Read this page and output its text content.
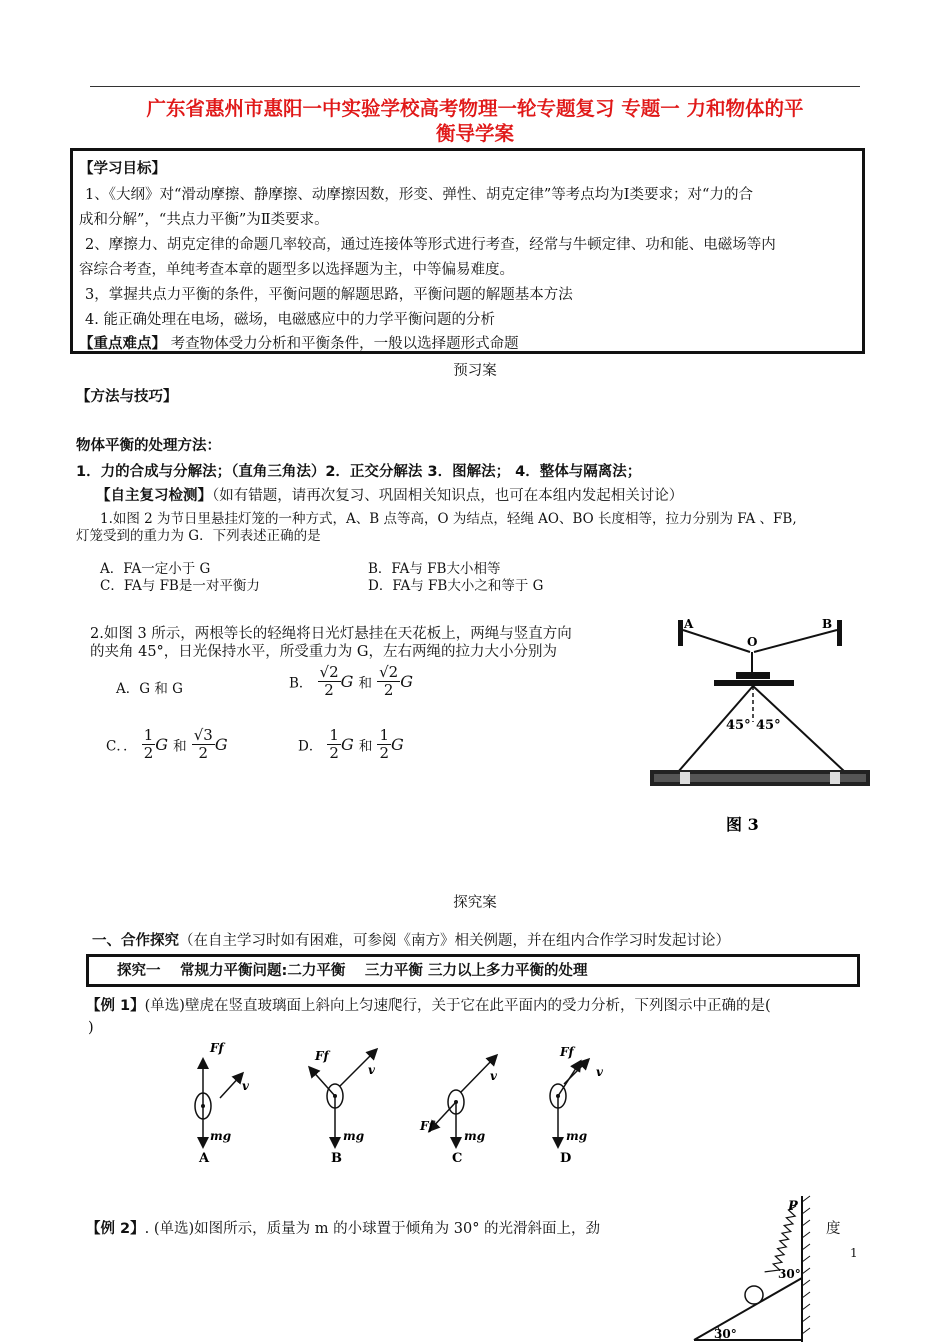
广东省惠州市惠阳一中实验学校高考物理一轮专题复习 专题一 力和物体的平
衡导学案
【学习目标】
1、《大纲》对“滑动摩擦、静摩擦、动摩擦因数，形变、弹性、胡克定律”等考点均为Ⅰ类要求；对“力的合
成和分解”，“共点力平衡”为Ⅱ类要求。
2、摩擦力、胡克定律的命题几率较高，通过连接体等形式进行考查，经常与牛顿定律、功和能、电磁场等内
容综合考查，单纯考查本章的题型多以选择题为主，中等偏易难度。
3，掌握共点力平衡的条件，平衡问题的解题思路，平衡问题的解题基本方法
4. 能正确处理在电场，磁场，电磁感应中的力学平衡问题的分析
【重点难点】 考查物体受力分析和平衡条件，一般以选择题形式命题
预习案
【方法与技巧】
物体平衡的处理方法：
1．力的合成与分解法；（直角三角法）2．正交分解法 3．图解法； 4．整体与隔离法；
【自主复习检测】（如有错题，请再次复习、巩固相关知识点，也可在本组内发起相关讨论）
1.如图 2 为节日里悬挂灯笼的一种方式，A、B 点等高，O 为结点，轻绳 AO、BO 长度相等，拉力分别为 FA 、FB,
灯笼受到的重力为 G．下列表述正确的是
A．FA一定小于 G	B．FA与 FB大小相等
C．FA与 FB是一对平衡力	D．FA与 FB大小之和等于 G
2.如图 3 所示，两根等长的轻绳将日光灯悬挂在天花板上，两绳与竖直方向
的夹角 45°，日光保持水平，所受重力为 G，左右两绳的拉力大小分别为
A．G 和 G	B． $\frac{√2}{2}$ G 和 $\frac{√2}{2}$ G
C．． $\frac{1}{2}$ G 和 $\frac{√3}{2}$ G	D． $\frac{1}{2}$ G 和 $\frac{1}{2}$ G
A	B
O
45° 45°
图 3
探究案
一、合作探究（在自主学习时如有困难，可参阅《南方》相关例题，并在组内合作学习时发起讨论）
探究一　 常规力平衡问题:二力平衡　 三力平衡 三力以上多力平衡的处理
【例 1】(单选)壁虎在竖直玻璃面上斜向上匀速爬行，关于它在此平面内的受力分析，下列图示中正确的是(
)
Ff
v
mg
Ff
v
mg
Ff
v
mg
Ff
v
mg
A	B	C	D
【例 2】. (单选)如图所示，质量为 m 的小球置于倾角为 30° 的光滑斜面上，劲	度
1
P
30°
30°
